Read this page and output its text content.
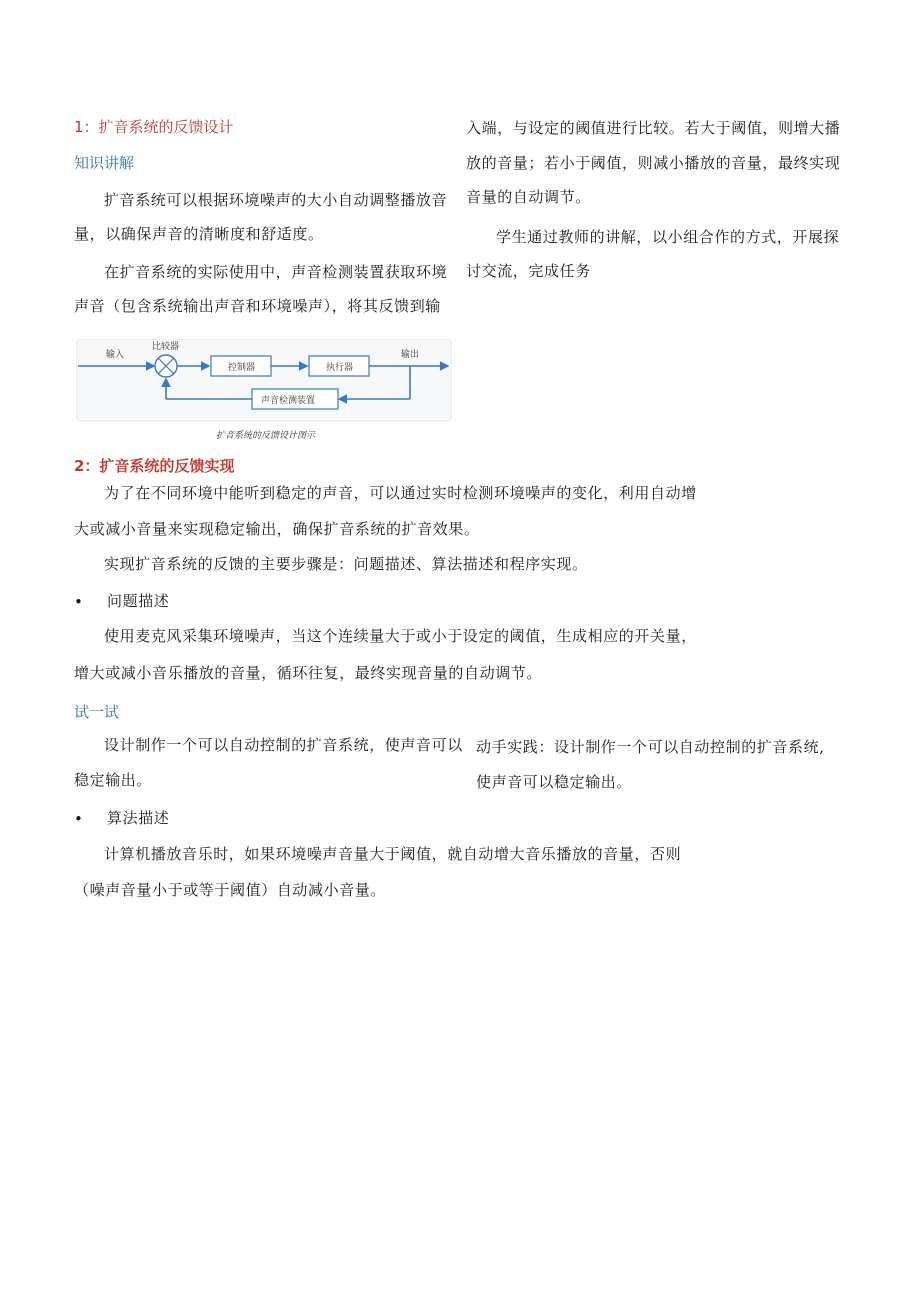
1：扩音系统的反馈设计
知识讲解

扩音系统可以根据环境噪声的大小自动调整播放音

量，以确保声音的清晰度和舒适度。

在扩音系统的实际使用中，声音检测装置获取环境

声音（包含系统输出声音和环境噪声），将其反馈到输

入端，与设定的阈值进行比较。若大于阈值，则增大播

放的音量；若小于阈值，则减小播放的音量，最终实现

音量的自动调节。

学生通过教师的讲解，以小组合作的方式，开展探

讨交流，完成任务

输入
比较器
控制器	执行器
输出
声音检测装置
扩音系统的反馈设计图示
2：扩音系统的反馈实现

为了在不同环境中能听到稳定的声音，可以通过实时检测环境噪声的变化，利用自动增

大或减小音量来实现稳定输出，确保扩音系统的扩音效果。

实现扩音系统的反馈的主要步骤是：问题描述、算法描述和程序实现。

• 问题描述

使用麦克风采集环境噪声，当这个连续量大于或小于设定的阈值，生成相应的开关量，

增大或减小音乐播放的音量，循环往复，最终实现音量的自动调节。

试一试

设计制作一个可以自动控制的扩音系统，使声音可以

稳定输出。

动手实践：设计制作一个可以自动控制的扩音系统,

使声音可以稳定输出。

• 算法描述

计算机播放音乐时，如果环境噪声音量大于阈值，就自动增大音乐播放的音量，否则

（噪声音量小于或等于阈值）自动减小音量。
